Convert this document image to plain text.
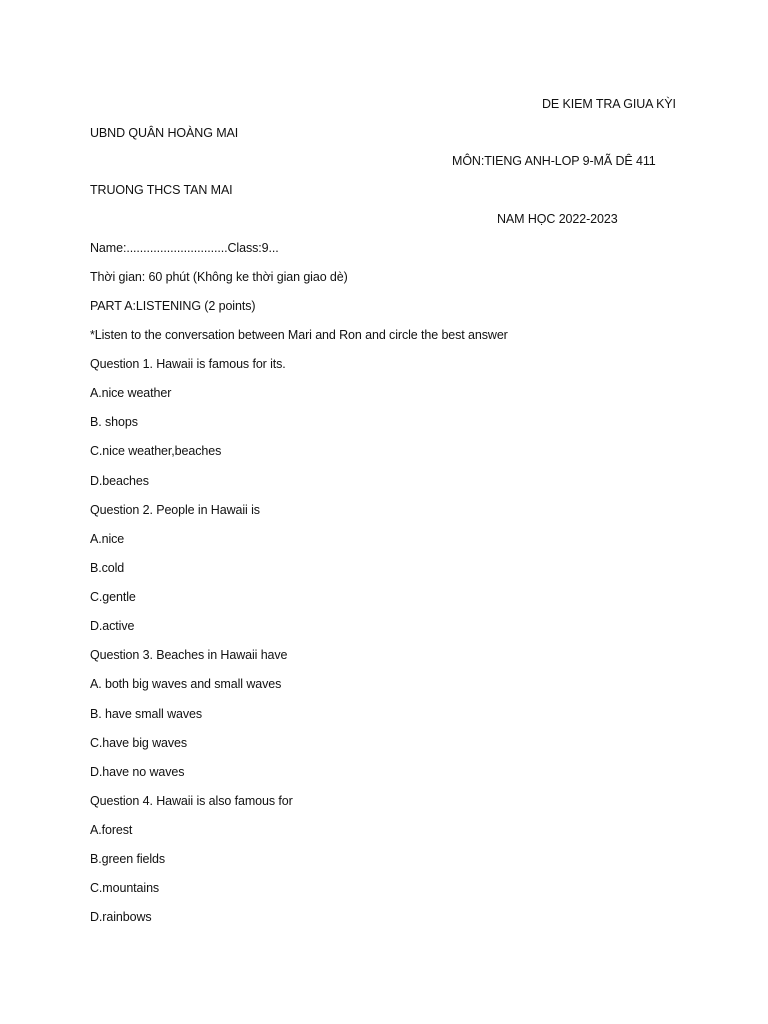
DE KIEM TRA GIUA KỲI
UBND QUÂN HOÀNG MAI
MÔN:TIENG ANH-LOP 9-MÃ DÊ 411
TRUONG THCS TAN MAI
NAM HỌC 2022-2023
Name:..............................Class:9...
Thời gian: 60 phút (Không ke thời gian giao dè)
PART A:LISTENING (2 points)
*Listen to the conversation between Mari and Ron and circle the best answer
Question 1. Hawaii is famous for its.
A.nice weather
B. shops
C.nice weather,beaches
D.beaches
Question 2. People in Hawaii is
A.nice
B.cold
C.gentle
D.active
Question 3. Beaches in Hawaii have
A. both big waves and small waves
B. have small waves
C.have big waves
D.have no waves
Question 4. Hawaii is also famous for
A.forest
B.green fields
C.mountains
D.rainbows
